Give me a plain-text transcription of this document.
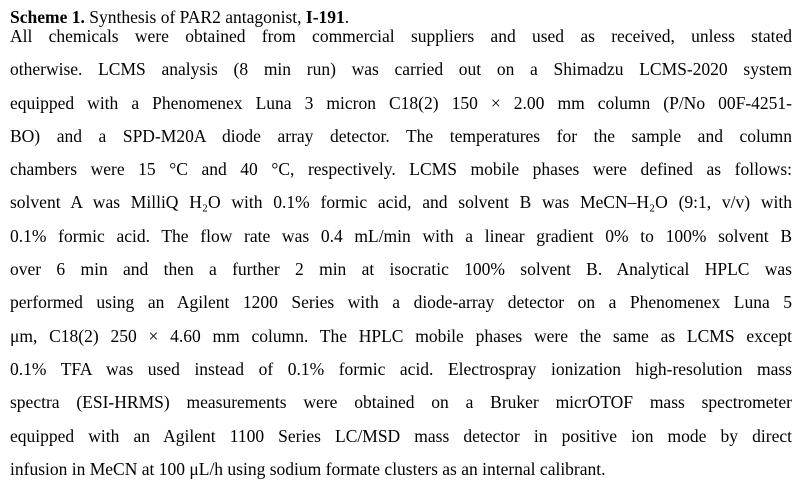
Scheme 1. Synthesis of PAR2 antagonist, I-191.

All chemicals were obtained from commercial suppliers and used as received, unless stated
otherwise. LCMS analysis (8 min run) was carried out on a Shimadzu LCMS-2020 system
equipped with a Phenomenex Luna 3 micron C18(2) 150 × 2.00 mm column (P/No 00F-4251-
BO) and a SPD-M20A diode array detector. The temperatures for the sample and column
chambers were 15 °C and 40 °C, respectively. LCMS mobile phases were defined as follows:
solvent A was MilliQ H₂O with 0.1% formic acid, and solvent B was MeCN–H₂O (9:1, v/v) with
0.1% formic acid. The flow rate was 0.4 mL/min with a linear gradient 0% to 100% solvent B
over 6 min and then a further 2 min at isocratic 100% solvent B. Analytical HPLC was
performed using an Agilent 1200 Series with a diode-array detector on a Phenomenex Luna 5
μm, C18(2) 250 × 4.60 mm column. The HPLC mobile phases were the same as LCMS except
0.1% TFA was used instead of 0.1% formic acid. Electrospray ionization high-resolution mass
spectra (ESI-HRMS) measurements were obtained on a Bruker micrOTOF mass spectrometer
equipped with an Agilent 1100 Series LC/MSD mass detector in positive ion mode by direct
infusion in MeCN at 100 μL/h using sodium formate clusters as an internal calibrant.
